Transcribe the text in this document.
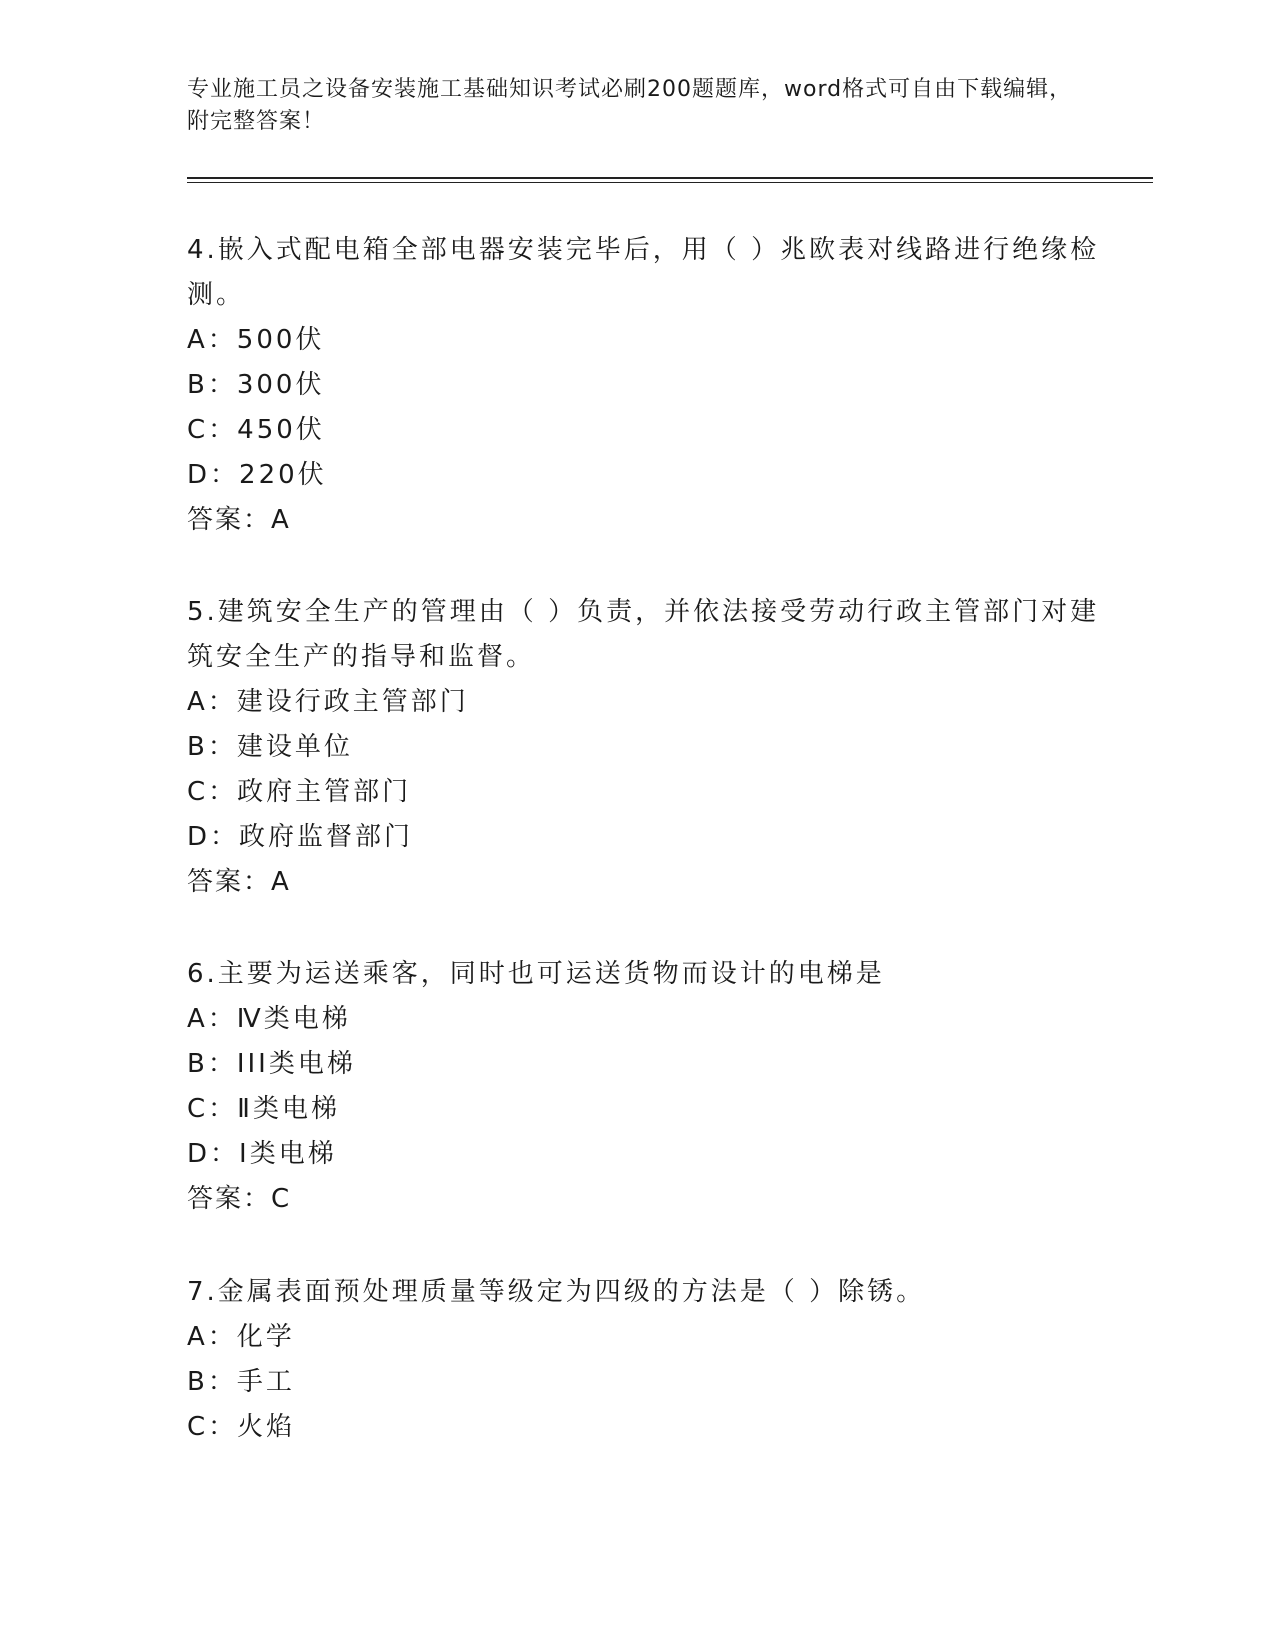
专业施工员之设备安装施工基础知识考试必刷200题题库，word格式可自由下载编辑，附完整答案！

4.嵌入式配电箱全部电器安装完毕后，用（ ）兆欧表对线路进行绝缘检测。

A：500伏

B：300伏

C：450伏

D：220伏

答案：A

5.建筑安全生产的管理由（ ）负责，并依法接受劳动行政主管部门对建筑安全生产的指导和监督。

A：建设行政主管部门

B：建设单位

C：政府主管部门

D：政府监督部门

答案：A

6.主要为运送乘客，同时也可运送货物而设计的电梯是

A：Ⅳ类电梯

B：III类电梯

C：Ⅱ类电梯

D：I类电梯

答案：C

7.金属表面预处理质量等级定为四级的方法是（ ）除锈。

A：化学

B：手工

C：火焰
